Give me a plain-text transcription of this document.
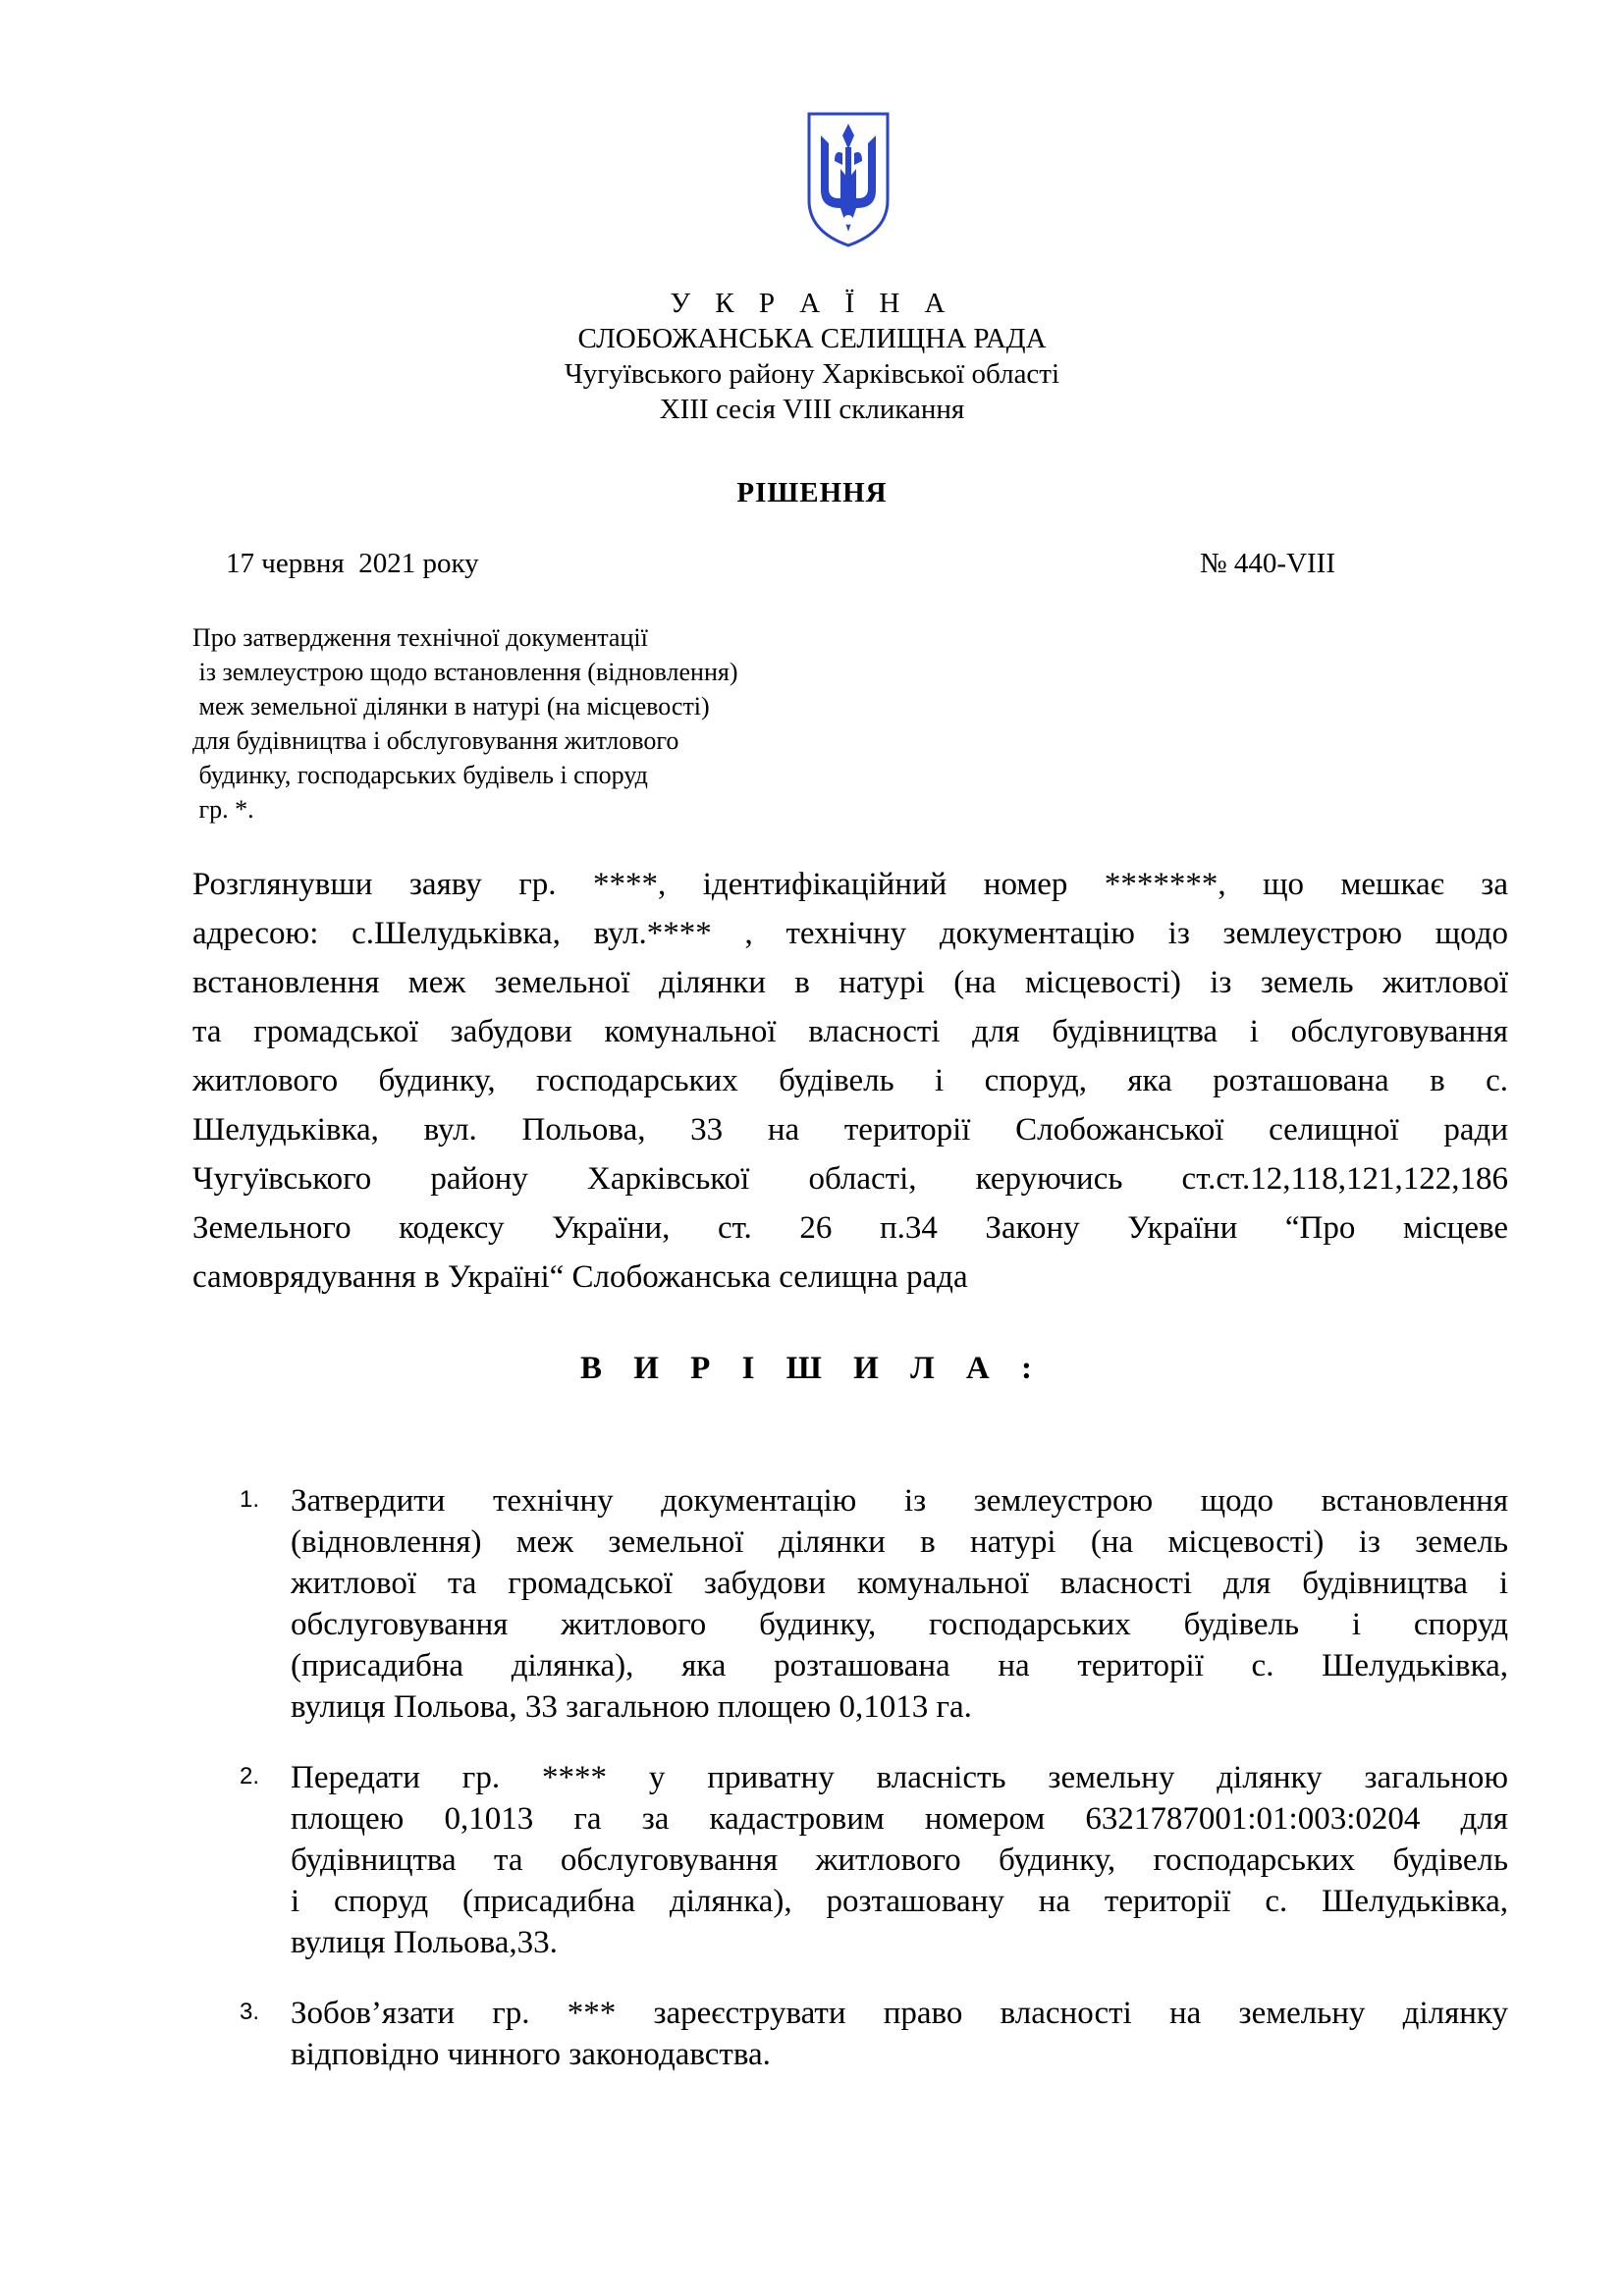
У К Р А Ї Н А
СЛОБОЖАНСЬКА СЕЛИЩНА РАДА
Чугуївського району Харківської області
XIII сесія VIII скликання
РІШЕННЯ
17 червня  2021 року	№ 440-VIII
Про затвердження технічної документації
із землеустрою щодо встановлення (відновлення)
меж земельної ділянки в натурі (на місцевості)
для будівництва і обслуговування житлового
будинку, господарських будівель і споруд
гр. *.
Розглянувши заяву гр. ****, ідентифікаційний номер *******, що мешкає за
адресою: с.Шелудьківка, вул.**** , технічну документацію із землеустрою щодо
встановлення меж земельної ділянки в натурі (на місцевості) із земель житлової
та громадської забудови комунальної власності для будівництва і обслуговування
житлового будинку, господарських будівель і споруд, яка розташована в с.
Шелудьківка, вул. Польова, 33 на території Слобожанської селищної ради
Чугуївського району Харківської області, керуючись ст.ст.12,118,121,122,186
Земельного кодексу України, ст. 26 п.34 Закону України “Про місцеве
самоврядування в Україні“ Слобожанська селищна рада
В И Р І Ш И Л А :
1. Затвердити технічну документацію із землеустрою щодо встановлення
(відновлення) меж земельної ділянки в натурі (на місцевості) із земель
житлової та громадської забудови комунальної власності для будівництва і
обслуговування житлового будинку, господарських будівель і споруд
(присадибна ділянка), яка розташована на території с. Шелудьківка,
вулиця Польова, 33 загальною площею 0,1013 га.
2. Передати гр. **** у приватну власність земельну ділянку загальною
площею 0,1013 га за кадастровим номером 6321787001:01:003:0204 для
будівництва та обслуговування житлового будинку, господарських будівель
і споруд (присадибна ділянка), розташовану на території с. Шелудьківка,
вулиця Польова,33.
3. Зобов’язати гр. *** зареєструвати право власності на земельну ділянку
відповідно чинного законодавства.
